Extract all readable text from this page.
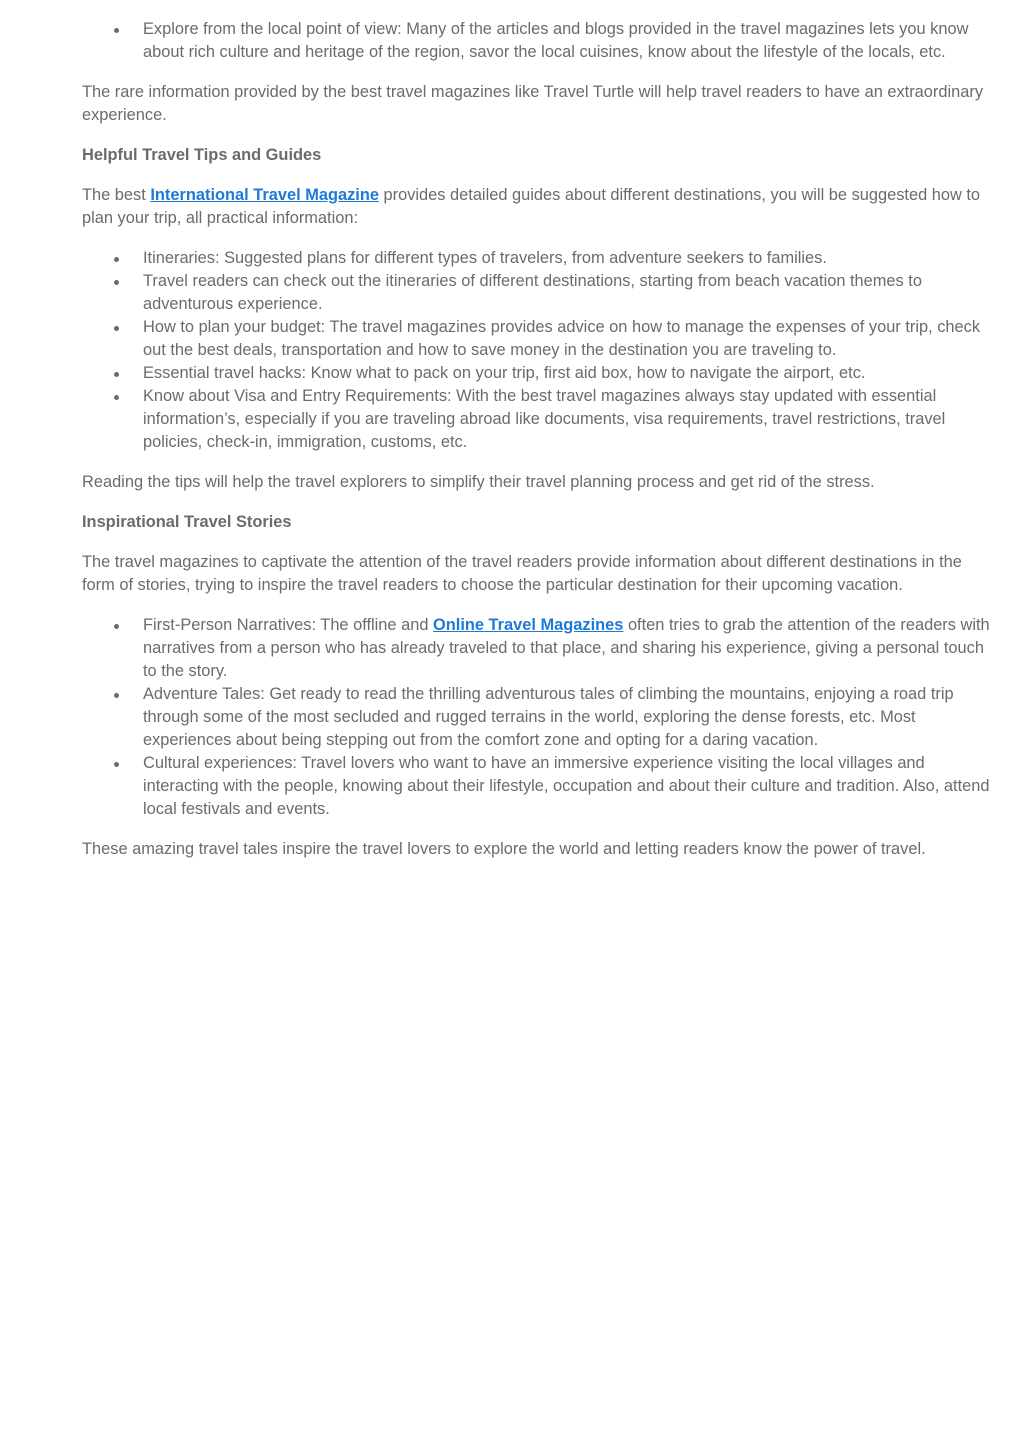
Explore from the local point of view: Many of the articles and blogs provided in the travel magazines lets you know about rich culture and heritage of the region, savor the local cuisines, know about the lifestyle of the locals, etc.

The rare information provided by the best travel magazines like Travel Turtle will help travel readers to have an extraordinary experience.

Helpful Travel Tips and Guides

The best International Travel Magazine provides detailed guides about different destinations, you will be suggested how to plan your trip, all practical information:

Itineraries: Suggested plans for different types of travelers, from adventure seekers to families.
Travel readers can check out the itineraries of different destinations, starting from beach vacation themes to adventurous experience.
How to plan your budget: The travel magazines provides advice on how to manage the expenses of your trip, check out the best deals, transportation and how to save money in the destination you are traveling to.
Essential travel hacks: Know what to pack on your trip, first aid box, how to navigate the airport, etc.
Know about Visa and Entry Requirements: With the best travel magazines always stay updated with essential information’s, especially if you are traveling abroad like documents, visa requirements, travel restrictions, travel policies, check-in, immigration, customs, etc.

Reading the tips will help the travel explorers to simplify their travel planning process and get rid of the stress.

Inspirational Travel Stories

The travel magazines to captivate the attention of the travel readers provide information about different destinations in the form of stories, trying to inspire the travel readers to choose the particular destination for their upcoming vacation.

First-Person Narratives: The offline and Online Travel Magazines often tries to grab the attention of the readers with narratives from a person who has already traveled to that place, and sharing his experience, giving a personal touch to the story.
Adventure Tales: Get ready to read the thrilling adventurous tales of climbing the mountains, enjoying a road trip through some of the most secluded and rugged terrains in the world, exploring the dense forests, etc. Most experiences about being stepping out from the comfort zone and opting for a daring vacation.
Cultural experiences: Travel lovers who want to have an immersive experience visiting the local villages and interacting with the people, knowing about their lifestyle, occupation and about their culture and tradition. Also, attend local festivals and events.

These amazing travel tales inspire the travel lovers to explore the world and letting readers know the power of travel.
